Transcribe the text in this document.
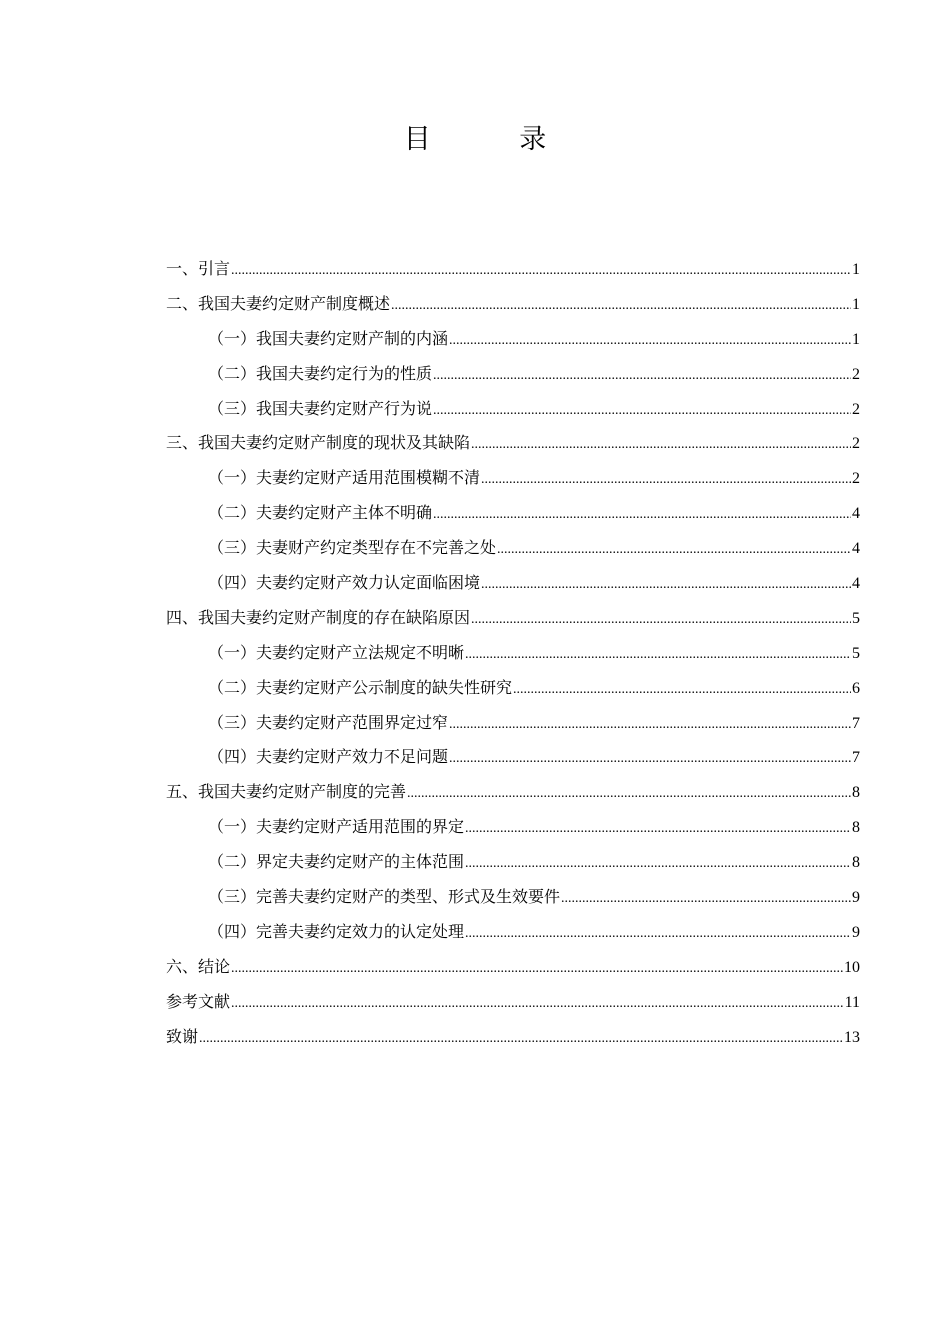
目 录
一、引言 .....	1
二、我国夫妻约定财产制度概述 .....	1
（一）我国夫妻约定财产制的内涵 .....	1
（二）我国夫妻约定行为的性质 .....	2
（三）我国夫妻约定财产行为说 .....	2
三、我国夫妻约定财产制度的现状及其缺陷 .....	2
（一）夫妻约定财产适用范围模糊不清 .....	2
（二）夫妻约定财产主体不明确 .....	4
（三）夫妻财产约定类型存在不完善之处 .....	4
（四）夫妻约定财产效力认定面临困境 .....	4
四、我国夫妻约定财产制度的存在缺陷原因 .....	5
（一）夫妻约定财产立法规定不明晰 .....	5
（二）夫妻约定财产公示制度的缺失性研究 .....	6
（三）夫妻约定财产范围界定过窄 .....	7
（四）夫妻约定财产效力不足问题 .....	7
五、我国夫妻约定财产制度的完善 .....	8
（一）夫妻约定财产适用范围的界定 .....	8
（二）界定夫妻约定财产的主体范围 .....	8
（三）完善夫妻约定财产的类型、形式及生效要件 .....	9
（四）完善夫妻约定效力的认定处理 .....	9
六、结论 .....	10
参考文献 .....	11
致谢 .....	13
